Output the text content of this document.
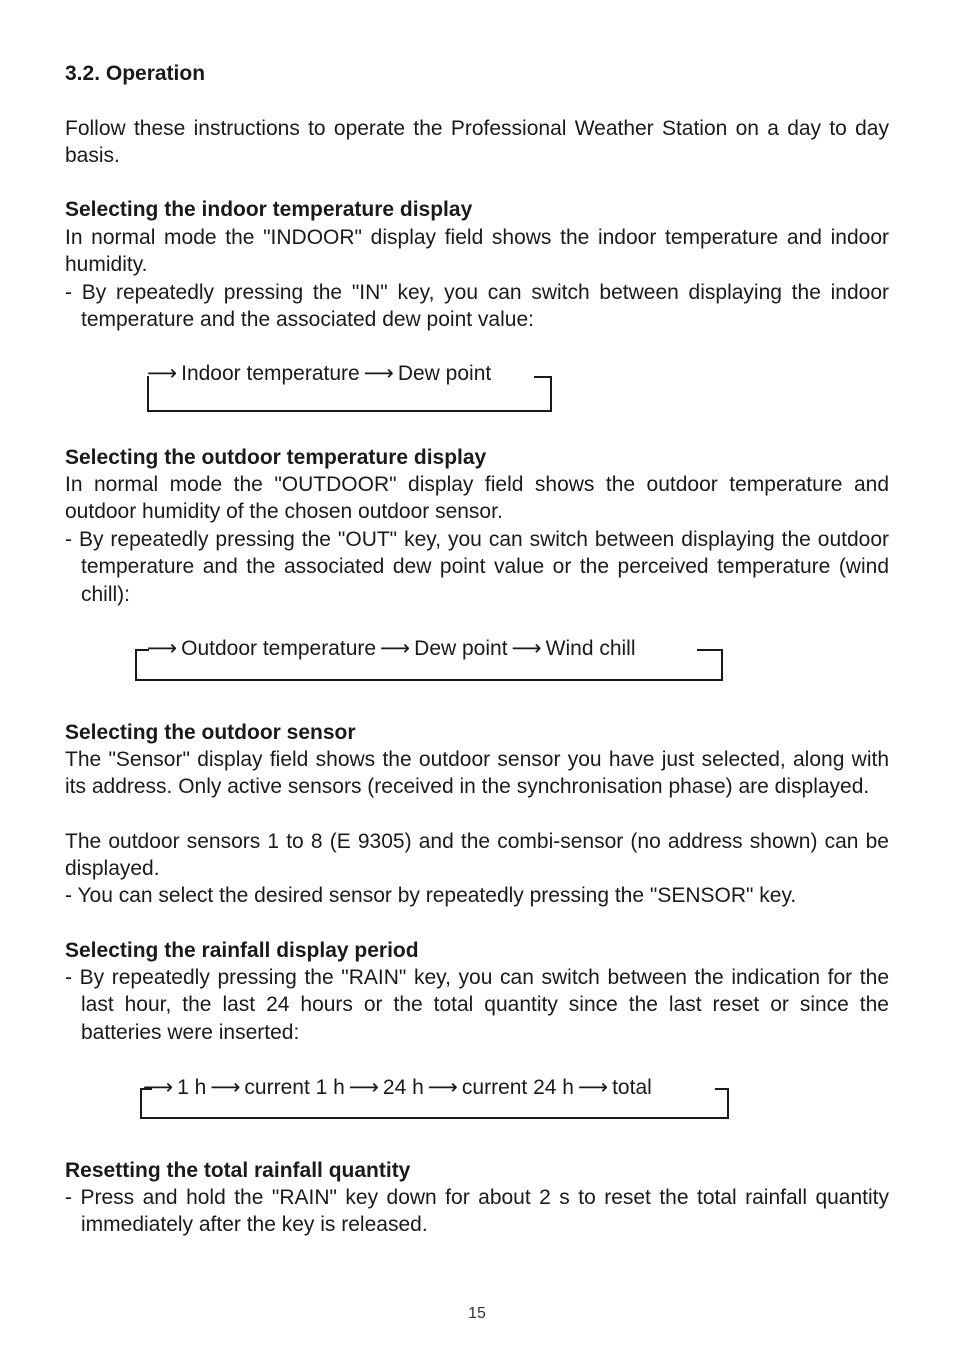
3.2. Operation

Follow these instructions to operate the Professional Weather Station on a day to day basis.

Selecting the indoor temperature display

In normal mode the "INDOOR" display field shows the indoor temperature and indoor humidity.

- By repeatedly pressing the "IN" key, you can switch between displaying the indoor temperature and the associated dew point value:

Selecting the outdoor temperature display

In normal mode the "OUTDOOR" display field shows the outdoor temperature and outdoor humidity of the chosen outdoor sensor.

- By repeatedly pressing the "OUT" key, you can switch between displaying the outdoor temperature and the associated dew point value or the perceived temperature (wind chill):

Selecting the outdoor sensor

The "Sensor" display field shows the outdoor sensor you have just selected, along with its address. Only active sensors (received in the synchronisation phase) are displayed.

The outdoor sensors 1 to 8 (E 9305) and the combi-sensor (no address shown) can be displayed.

- You can select the desired sensor by repeatedly pressing the "SENSOR" key.

Selecting the rainfall display period

- By repeatedly pressing the "RAIN" key, you can switch between the indication for the last hour, the last 24 hours or the total quantity since the last reset or since the batteries were inserted:

Resetting the total rainfall quantity

- Press and hold the "RAIN" key down for about 2 s to reset the total rainfall quantity immediately after the key is released.

⟶ Indoor temperature ⟶ Dew point
⟶ Outdoor temperature ⟶ Dew point ⟶ Wind chill
⟶ 1 h ⟶ current 1 h ⟶ 24 h ⟶ current 24 h ⟶ total
15
